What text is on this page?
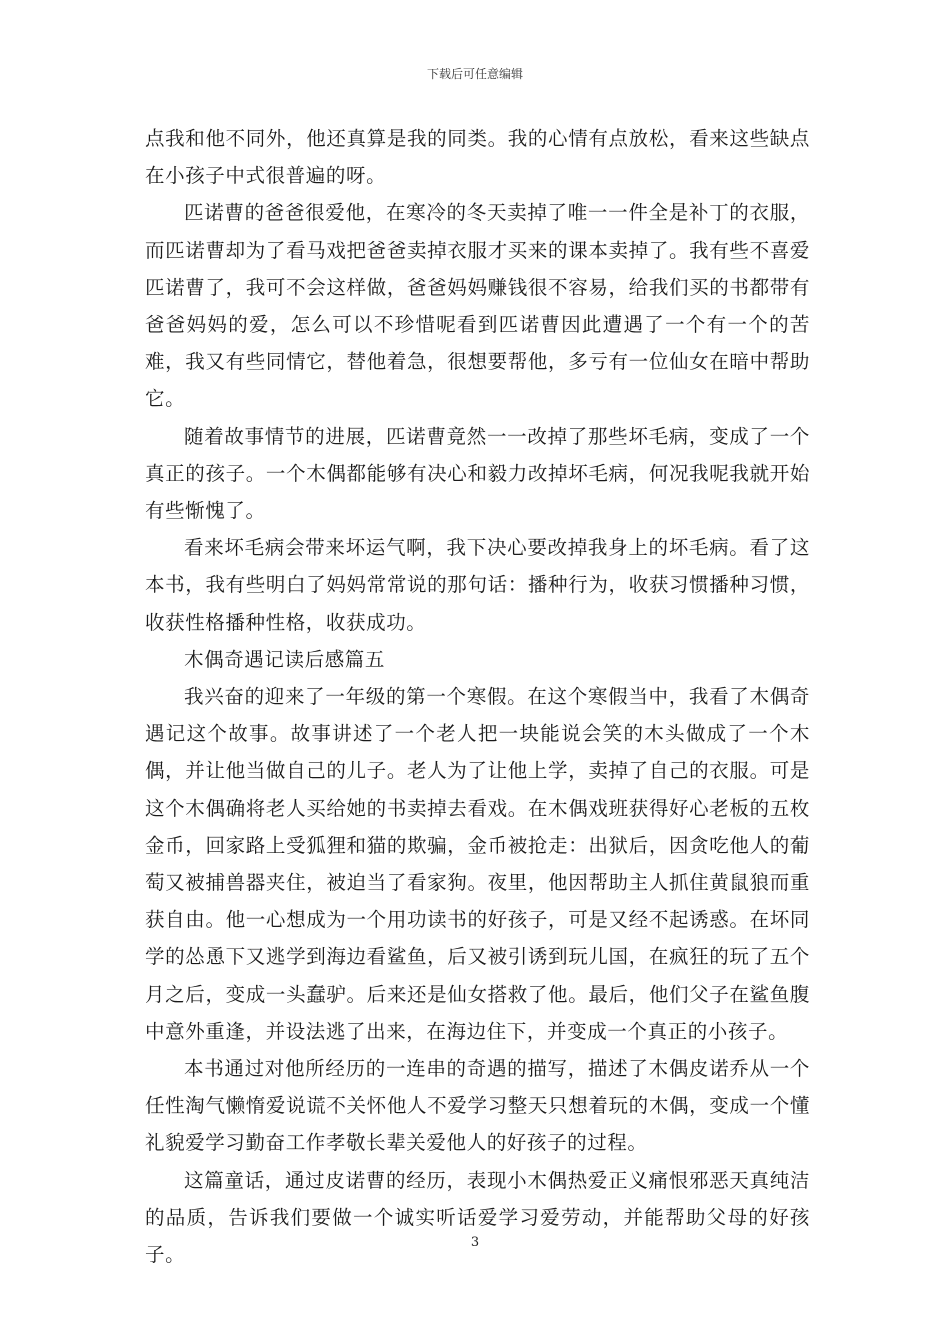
下载后可任意编辑

点我和他不同外，他还真算是我的同类。我的心情有点放松，看来这些缺点在小孩子中式很普遍的呀。

匹诺曹的爸爸很爱他，在寒冷的冬天卖掉了唯一一件全是补丁的衣服，而匹诺曹却为了看马戏把爸爸卖掉衣服才买来的课本卖掉了。我有些不喜爱匹诺曹了，我可不会这样做，爸爸妈妈赚钱很不容易，给我们买的书都带有爸爸妈妈的爱，怎么可以不珍惜呢看到匹诺曹因此遭遇了一个有一个的苦难，我又有些同情它，替他着急，很想要帮他，多亏有一位仙女在暗中帮助它。

随着故事情节的进展，匹诺曹竟然一一改掉了那些坏毛病，变成了一个真正的孩子。一个木偶都能够有决心和毅力改掉坏毛病，何况我呢我就开始有些惭愧了。

看来坏毛病会带来坏运气啊，我下决心要改掉我身上的坏毛病。看了这本书，我有些明白了妈妈常常说的那句话：播种行为，收获习惯播种习惯，收获性格播种性格，收获成功。

木偶奇遇记读后感篇五

我兴奋的迎来了一年级的第一个寒假。在这个寒假当中，我看了木偶奇遇记这个故事。故事讲述了一个老人把一块能说会笑的木头做成了一个木偶，并让他当做自己的儿子。老人为了让他上学，卖掉了自己的衣服。可是这个木偶确将老人买给她的书卖掉去看戏。在木偶戏班获得好心老板的五枚金币，回家路上受狐狸和猫的欺骗，金币被抢走：出狱后，因贪吃他人的葡萄又被捕兽器夹住，被迫当了看家狗。夜里，他因帮助主人抓住黄鼠狼而重获自由。他一心想成为一个用功读书的好孩子，可是又经不起诱惑。在坏同学的怂恿下又逃学到海边看鲨鱼，后又被引诱到玩儿国，在疯狂的玩了五个月之后，变成一头蠢驴。后来还是仙女搭救了他。最后，他们父子在鲨鱼腹中意外重逢，并设法逃了出来，在海边住下，并变成一个真正的小孩子。

本书通过对他所经历的一连串的奇遇的描写，描述了木偶皮诺乔从一个任性淘气懒惰爱说谎不关怀他人不爱学习整天只想着玩的木偶，变成一个懂礼貌爱学习勤奋工作孝敬长辈关爱他人的好孩子的过程。

这篇童话，通过皮诺曹的经历，表现小木偶热爱正义痛恨邪恶天真纯洁的品质，告诉我们要做一个诚实听话爱学习爱劳动，并能帮助父母的好孩子。

3
